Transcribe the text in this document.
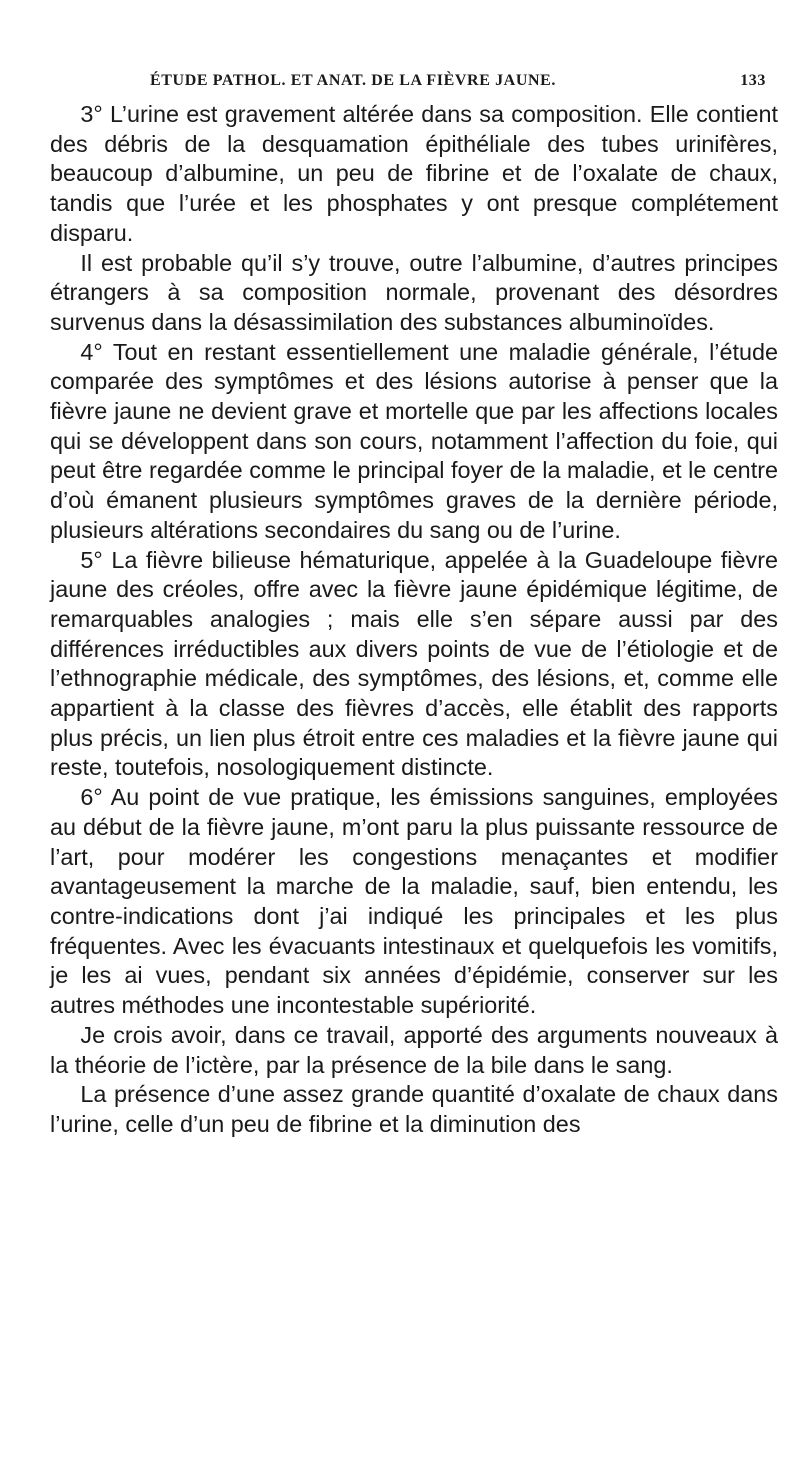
ÉTUDE PATHOL. ET ANAT. DE LA FIÈVRE JAUNE.	133

3° L’urine est gravement altérée dans sa composition. Elle contient des débris de la desquamation épithéliale des tubes urinifères, beaucoup d’albumine, un peu de fibrine et de l’oxalate de chaux, tandis que l’urée et les phosphates y ont presque complétement disparu.

Il est probable qu’il s’y trouve, outre l’albumine, d’autres principes étrangers à sa composition normale, provenant des désordres survenus dans la désassimilation des substances albuminoïdes.

4° Tout en restant essentiellement une maladie générale, l’étude comparée des symptômes et des lésions autorise à penser que la fièvre jaune ne devient grave et mortelle que par les affections locales qui se développent dans son cours, notamment l’affection du foie, qui peut être regardée comme le principal foyer de la maladie, et le centre d’où émanent plusieurs symptômes graves de la dernière période, plusieurs altérations secondaires du sang ou de l’urine.

5° La fièvre bilieuse hématurique, appelée à la Guadeloupe fièvre jaune des créoles, offre avec la fièvre jaune épidémique légitime, de remarquables analogies ; mais elle s’en sépare aussi par des différences irréductibles aux divers points de vue de l’étiologie et de l’ethnographie médicale, des symptômes, des lésions, et, comme elle appartient à la classe des fièvres d’accès, elle établit des rapports plus précis, un lien plus étroit entre ces maladies et la fièvre jaune qui reste, toutefois, nosologiquement distincte.

6° Au point de vue pratique, les émissions sanguines, employées au début de la fièvre jaune, m’ont paru la plus puissante ressource de l’art, pour modérer les congestions menaçantes et modifier avantageusement la marche de la maladie, sauf, bien entendu, les contre-indications dont j’ai indiqué les principales et les plus fréquentes. Avec les évacuants intestinaux et quelquefois les vomitifs, je les ai vues, pendant six années d’épidémie, conserver sur les autres méthodes une incontestable supériorité.

Je crois avoir, dans ce travail, apporté des arguments nouveaux à la théorie de l’ictère, par la présence de la bile dans le sang.

La présence d’une assez grande quantité d’oxalate de chaux dans l’urine, celle d’un peu de fibrine et la diminution des
